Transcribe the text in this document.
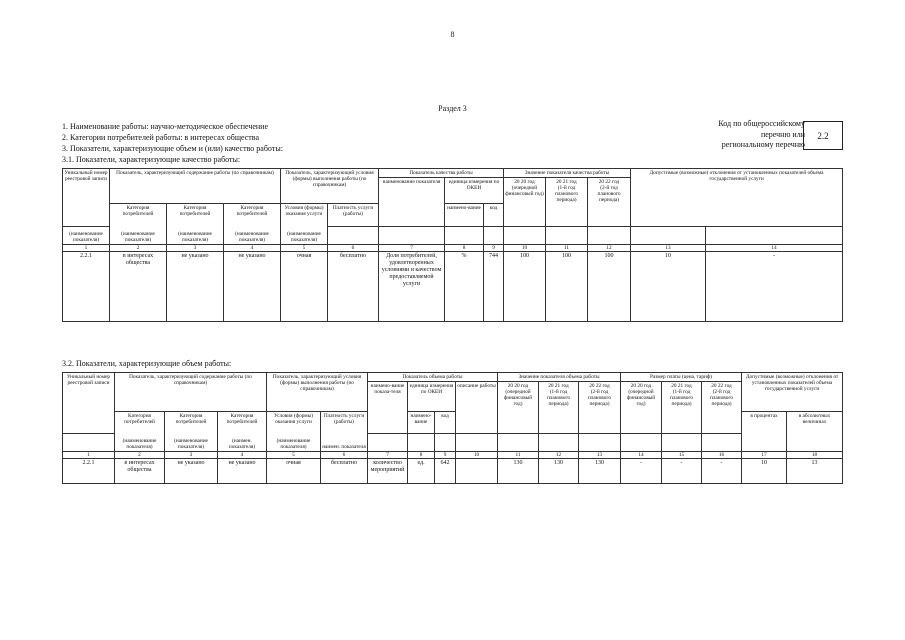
8
Раздел 3
1. Наименование работы: научно-методическое обеспечение
2. Категории потребителей работы: в интересах общества
3. Показатели, характеризующие объем и (или) качество работы:
3.1. Показатели, характеризующие качество работы:
Код по общероссийскому
перечню или
региональному перечню
2.2
Уникальный номер реестровой записи	Показатель, характеризующий содержание работы (по справочникам)			Показатель, характеризующий условия (формы) выполнения работы (по справочникам)		Показатель качества работы			Значение показателя качества работы			Допустимые (возможные) отклонения от установленных показателей объема государственной услуги	
						наименование показателя	единица измерения по ОКЕИ		20 20 год
(очередной финансовый год)	20 21 год
(1-й год планового периода)	20 22 год
(2-й год планового периода)		
	Категория потребителей	Категория потребителей	Категория потребителей	Условия (формы) оказания услуги	Платность услуги (работы)		наимено-вание	код					
(наименование показателя)	(наименование показателя)	(наименование показателя)	(наименование показателя)	(наименование показателя)									
1	2	3	4	5	6	7	8	9	10	11	12	13	14
2.2.1	в интересах общества	не указано	не указано	очная	бесплатно	Доля потребителей, удовлетворенных условиями и качеством предоставляемой услуги	%	744	100	100	100	10	-
3.2. Показатели, характеризующие объем работы:
Уникальный номер реестровой записи	Показатель, характеризующий содержание работы (по справочникам)			Показатель, характеризующий условия (формы) выполнения работы (по справочникам)		Показатель объема работы				Значение показателя объема работы			Размер платы (цена, тариф)			Допустимые (возможные) отклонения от установленных показателей объема государственной услуги	
						наимено-вание показа-теля	единица измерения по ОКЕИ		описание работы	20 20 год
(очередной финансовый год)	20 21 год
(1-й год планового периода)	20 22 год
(2-й год планового периода)	20 20 год
(очередной финансовый год)	20 21 год
(1-й год планового периода)	20 22 год
(2-й год планового периода)		
	Категория потребителей	Категория потребителей	Категория потребителей	Условия (формы) оказания услуги	Платность услуги (работы)		наимено-вание	код								в процентах	в абсолютных величинах
	(наименование показателя)	(наименование показателя)	(наимен. показателя)	(наименование показателя)	наимен. показателя												
1	2	3	4	5	6	7	8	9	10	11	12	13	14	15	16	17	18
2.2.1	в интересах общества	не указано	не указано	очная	бесплатно	количество мероприятий	ед.	642		130	130	130	-	-	-	10	13
